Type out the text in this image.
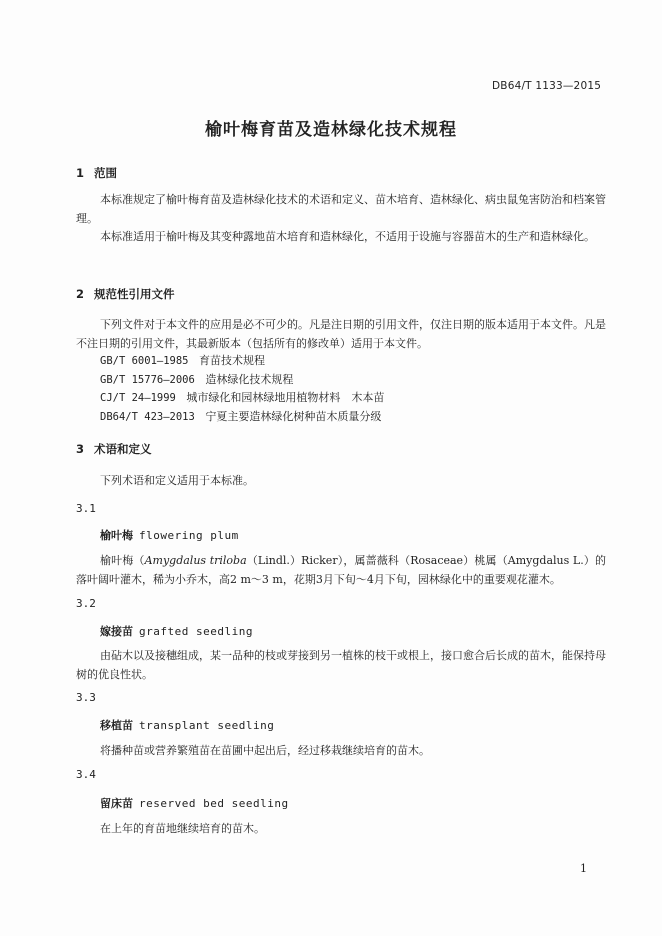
DB64/T 1133—2015
榆叶梅育苗及造林绿化技术规程
1 范围
本标准规定了榆叶梅育苗及造林绿化技术的术语和定义、苗木培育、造林绿化、病虫鼠兔害防治和档案管理。
本标准适用于榆叶梅及其变种露地苗木培育和造林绿化，不适用于设施与容器苗木的生产和造林绿化。
2 规范性引用文件
下列文件对于本文件的应用是必不可少的。凡是注日期的引用文件，仅注日期的版本适用于本文件。凡是不注日期的引用文件，其最新版本（包括所有的修改单）适用于本文件。
GB/T 6001—1985 育苗技术规程
GB/T 15776—2006 造林绿化技术规程
CJ/T 24—1999 城市绿化和园林绿地用植物材料　木本苗
DB64/T 423—2013 宁夏主要造林绿化树种苗木质量分级
3 术语和定义
下列术语和定义适用于本标准。
3.1
榆叶梅 flowering plum
榆叶梅（Amygdalus triloba（Lindl.）Ricker），属蔷薇科（Rosaceae）桃属（Amygdalus L.）的落叶阔叶灌木，稀为小乔木，高2 m～3 m，花期3月下旬～4月下旬，园林绿化中的重要观花灌木。
3.2
嫁接苗 grafted seedling
由砧木以及接穗组成，某一品种的枝或芽接到另一植株的枝干或根上，接口愈合后长成的苗木，能保持母树的优良性状。
3.3
移植苗 transplant seedling
将播种苗或营养繁殖苗在苗圃中起出后，经过移栽继续培育的苗木。
3.4
留床苗 reserved bed seedling
在上年的育苗地继续培育的苗木。
1
